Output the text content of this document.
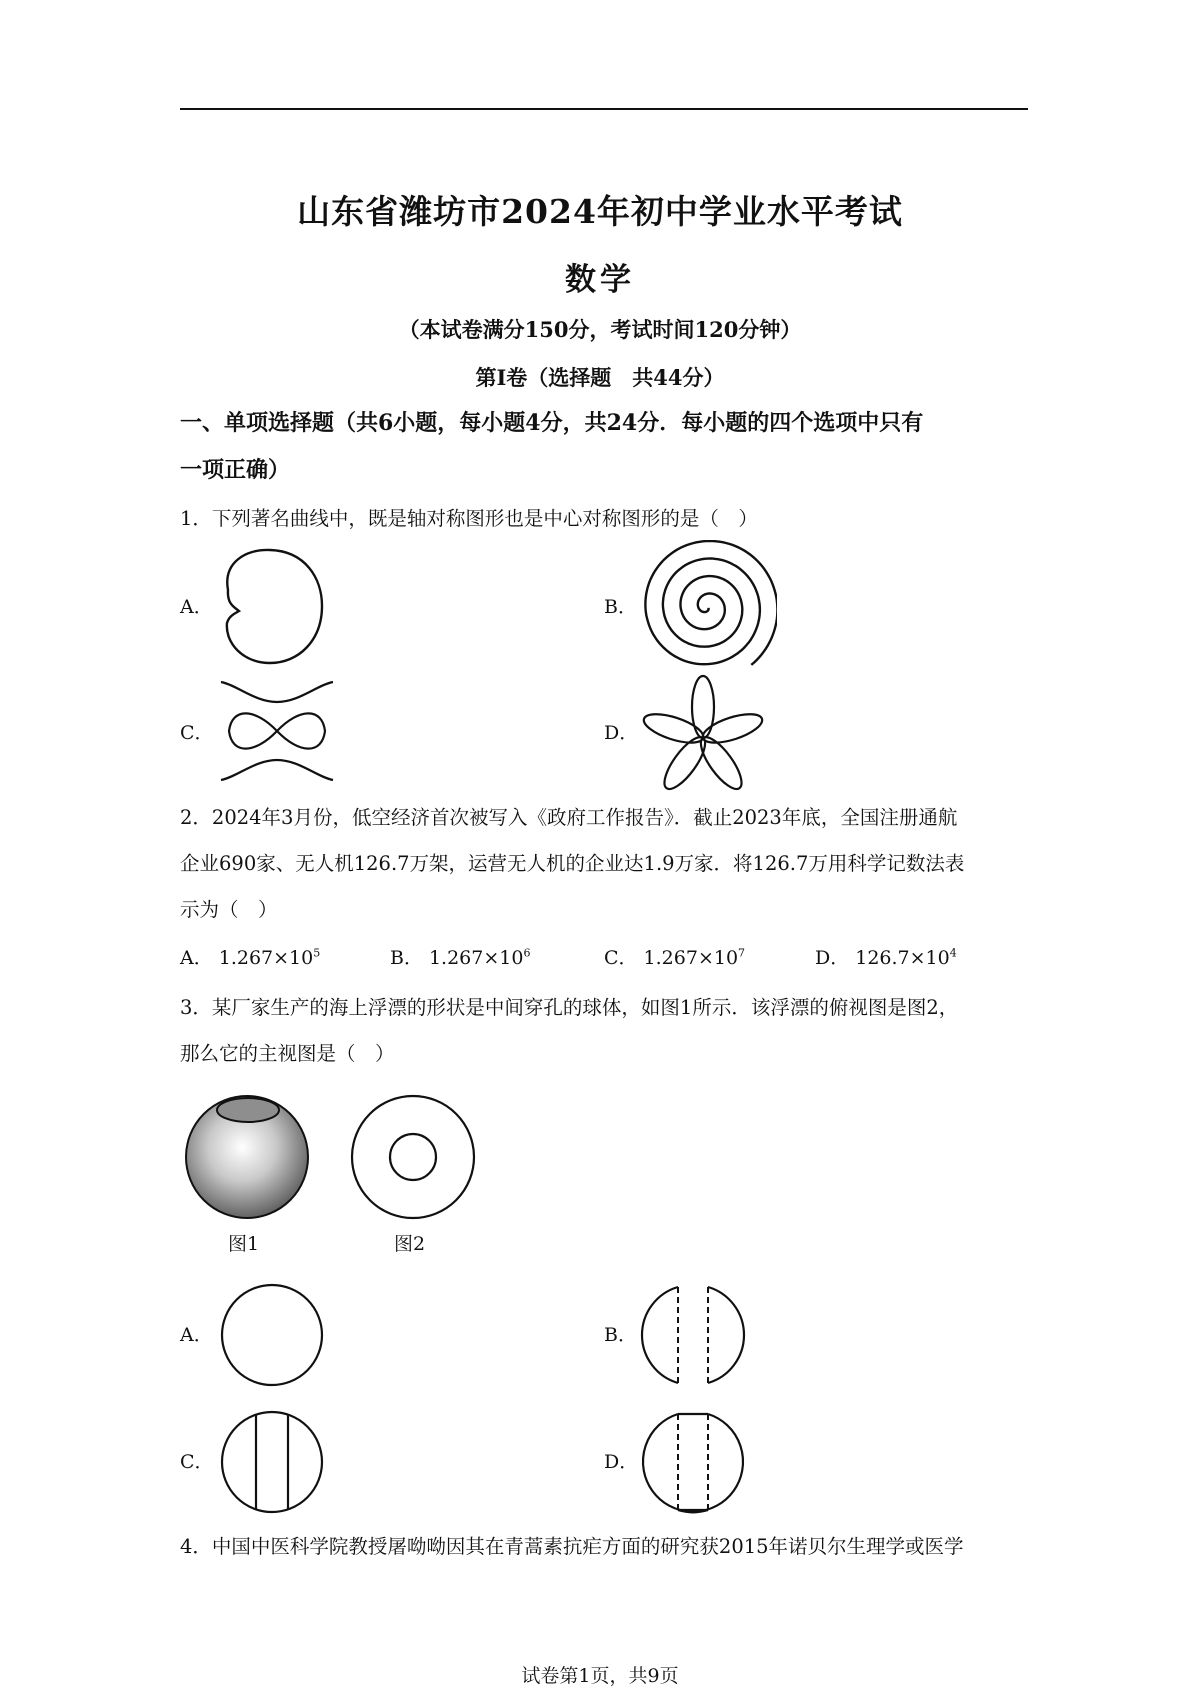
山东省潍坊市2024年初中学业水平考试
数学
（本试卷满分150分，考试时间120分钟）
第Ⅰ卷（选择题　共44分）
一、单项选择题（共6小题，每小题4分，共24分．每小题的四个选项中只有
一项正确）
1．下列著名曲线中，既是轴对称图形也是中心对称图形的是（　）
A．	B．
C．	D．
2．2024年3月份，低空经济首次被写入《政府工作报告》．截止2023年底，全国注册通航
企业690家、无人机126.7万架，运营无人机的企业达1.9万家．将126.7万用科学记数法表
示为（　）
A． $1.267\times 10^5$	B． $1.267\times 10^6$	C． $1.267\times 10^7$	D． $126.7\times 10^4$
3．某厂家生产的海上浮漂的形状是中间穿孔的球体，如图1所示．该浮漂的俯视图是图2，
那么它的主视图是（　）
图1	图2
A．	B．
C．	D．
4．中国中医科学院教授屠呦呦因其在青蒿素抗疟方面的研究获2015年诺贝尔生理学或医学
试卷第1页，共9页
